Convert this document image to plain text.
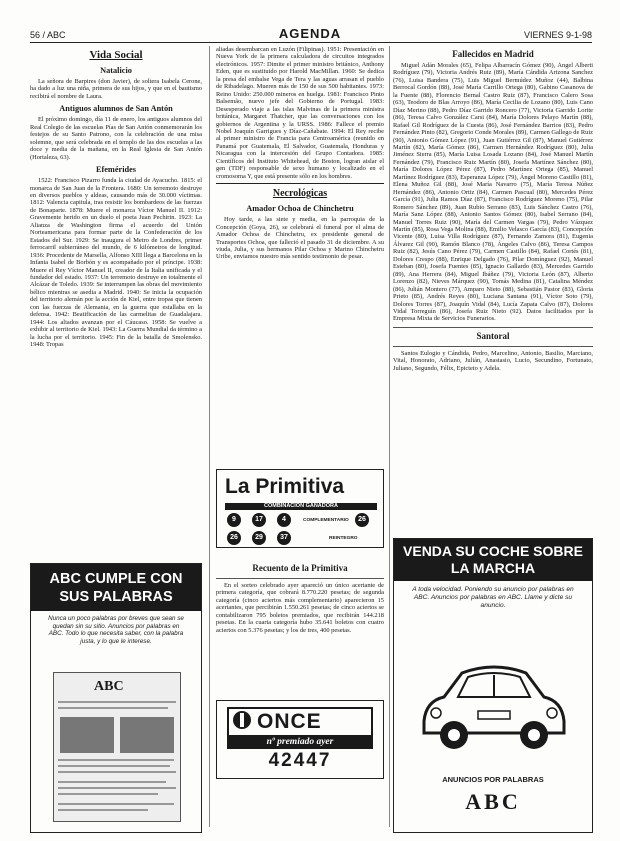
56 / ABC	AGENDA	VIERNES 9-1-98
Vida Social
Natalicio

La señora de Barpires (don Javier), de soltera Isabela Cerone, ha dado a luz una niña, primera de sus hijos, y que en el bautismo recibirá el nombre de Laura.

Antiguos alumnos de San Antón

El próximo domingo, día 11 de enero, los antiguos alumnos del Real Colegio de las escuelas Pías de San Antón conmemorarán los festejos de su Santo Patrono, con la celebración de una misa solemne, que será celebrada en el templo de las dos escuelas a las doce y media de la mañana, en la Real Iglesia de San Antón (Hortaleza, 63).

Efemérides

1522: Francisco Pizarro funda la ciudad de Ayacucho. 1815: el monarca de San Juan de la Frontera. 1680: Un terremoto destruye en diversos pueblos y aldeas, causando más de 30.000 víctimas. 1812: Valencia capitula, tras resistir los bombardeos de las fuerzas de Bonaparte. 1878: Muere el monarca Víctor Manuel II. 1912: Gravemente herido en un duelo el poeta Juan Pechirin. 1923: La Alianza de Washington firma el acuerdo del Unión Norteamericana para formar parte de la Confederación de los Estados del Sur. 1929: Se inaugura el Metro de Londres, primer ferrocarril subterráneo del mundo, de 6 kilómetros de longitud. 1936: Procedente de Marsella, Alfonso XIII llega a Barcelona en la Infanta Isabel de Borbón y es acompañado por el príncipe. 1938: Muere el Rey Víctor Manuel II, creador de la Italia unificada y el fundador del estado. 1937: Un terremoto destruye en totalmente el Alcázar de Toledo. 1939: Se interrumpen las obras del movimiento bélico mientras se asedia a Madrid. 1940: Se inicia la ocupación del territorio alemán por la acción de Kiel, entre tropas que tienen con las fuerzas de Alemania, en la guerra que estallaba en la defensa. 1942: Beatificación de las carmelitas de Guadalajara. 1944: Los aliados avanzan por el Cáucaso. 1958: Se vuelve a exhibir al territorio de Kiel. 1943: La Guerra Mundial da término a la lucha por el territorio. 1945: Fin de la batalla de Smolensko. 1948: Tropas

ABC CUMPLE CON SUS PALABRAS
Nunca un poco palabras por breves que sean se quedan sin su sitio. Anuncios por palabras en ABC. Todo lo que necesita saber, con la palabra justa, y lo que le interese.
ABC

aliadas desembarcan en Luzón (Filipinas). 1951: Presentación en Nueva York de la primera calculadora de circuitos integrados electrónicos. 1957: Dimite el primer ministro británico, Anthony Eden, que es sustituido por Harold MacMillan. 1960: Se dedica la presa del embalse Vega de Tera y las aguas arrasan el pueblo de Ribadelago. Mueren más de 150 de sus 500 habitantes. 1973: Reino Unido: 250.000 mineros en huelga. 1981: Francisco Pinto Balsemão, nuevo jefe del Gobierno de Portugal. 1983: Desesperado viaje a las islas Malvinas de la primera ministra británica, Margaret Thatcher, que las conversaciones con los gobiernos de Argentina y la URSS. 1986: Fallece el premio Nobel Joaquín Garrigues y Díaz-Cañabate. 1994: El Rey recibe al primer ministro de Francia para Centroamérica (reunido en Panamá por Guatemala, El Salvador, Guatemala, Honduras y Nicaragua con la intercesión del Grupo Contadora. 1985: Científicos del Instituto Whitehead, de Boston, logran aislar el gen (TDF) responsable de sexo humano y localizado en el cromosoma Y, que está presente sólo en los hombres.

Necrológicas
Amador Ochoa de Chinchetru

Hoy tarde, a las siete y media, en la parroquia de la Concepción (Goya, 26), se celebrará el funeral por el alma de Amador Ochoa de Chinchetru, ex presidente general de Transportes Ochoa, que falleció el pasado 31 de diciembre. A su viuda, Julia, y sus hermanos Pilar Ochoa y Marino Chinchetru Uribe, enviamos nuestro más sentido testimonio de pesar.

La Primitiva
COMBINACION GANADORA
9	17	4	COMPLEMENTARIO	26
26	29	37	REINTEGRO
Recuento de la Primitiva

En el sorteo celebrado ayer apareció un único acertante de primera categoría, que cobrará 8.770.220 pesetas; de segunda categoría (cinco aciertos más complementario) aparecieron 15 acertantes, que percibirán 1.550.261 pesetas; de cinco aciertos se contabilizaron 795 boletos premiados, que recibirán 144.218 pesetas. En la cuarta categoría hubo 35.641 boletos con cuatro aciertos con 5.376 pesetas; y los de tres, 400 pesetas.

ONCE
nº premiado ayer
42447
Fallecidos en Madrid

Miguel Adán Morales (65), Felipa Albarracín Gómez (90), Ángel Alberti Rodríguez (79), Victoria Andrés Ruiz (89), María Cándida Arizona Sanchez (76), Luisa Bandera (75), Luis Miguel Bermúdez Muñoz (44), Balbina Berrocal Gordón (88), José María Carrillo Ortega (80), Gabino Casanova de la Fuente (88), Florencio Bernal Castro Ruiz (87), Francisco Calero Sosa (63), Teodoro de Blas Arroyo (86), María Cecilia de Lozano (80), Luis Cano Díaz Merino (88), Pedro Díaz Garrido Roncero (77), Victoria Garrido Lorite (86), Teresa Calvo González Carsi (84), María Dolores Pelayo Martín (88), Rafael Gil Rodríguez de la Cuesta (86), José Fernández Barrios (83), Pedro Fernández Pinto (82), Gregorio Conde Morales (89), Carmen Gallego de Ruiz (90), Antonio Gómez López (91), Juan Gutiérrez Gil (87), Manuel Gutiérrez Martín (82), María Gómez (86), Carmen Hernández Rodríguez (80), Julia Jiménez Sierra (85), María Luisa Losada Lozano (84), José Manuel Martín Fernández (79), Francisco Ruiz Martín (80), Josefa Martínez Sánchez (80), María Dolores López Pérez (87), Pedro Martínez Ortega (85), Manuel Martínez Rodríguez (83), Esperanza López (79), Ángel Moreno Castillo (81), Elena Muñoz Gil (88), José María Navarro (75), María Teresa Núñez Hernández (86), Antonio Ortiz (84), Carmen Pascual (80), Mercedes Pérez García (91), Julia Ramos Díaz (87), Francisco Rodríguez Moreno (75), Pilar Romero Sánchez (89), Juan Rubio Serrano (83), Luis Sánchez Castro (76), María Sanz López (88), Antonio Santos Gómez (80), Isabel Serrano (84), Manuel Torres Ruiz (90), María del Carmen Vargas (79), Pedro Vázquez Martín (85), Rosa Vega Molina (88), Emilio Velasco García (83), Concepción Vicente (80), Luisa Villa Rodríguez (87), Fernando Zamora (81), Eugenia Álvarez Gil (90), Ramón Blanco (78), Ángeles Calvo (86), Teresa Campos Ruiz (82), Jesús Cano Pérez (79), Carmen Castillo (84), Rafael Cortés (81), Dolores Crespo (88), Enrique Delgado (76), Pilar Domínguez (92), Manuel Esteban (80), Josefa Fuentes (85), Ignacio Gallardo (83), Mercedes Garrido (89), Ana Herrera (84), Miguel Ibáñez (79), Victoria León (87), Alberto Lorenzo (82), Nieves Márquez (90), Tomás Medina (81), Catalina Méndez (86), Julián Montero (77), Amparo Nieto (88), Sebastián Pastor (83), Gloria Prieto (85), Andrés Reyes (80), Luciana Santana (91), Víctor Soto (79), Dolores Torres (87), Joaquín Vidal (84), Lucía Zapata Calvo (87), Dolores Vidal Torreguín (86), Josefa Ruiz Nieto (92). Datos facilitados por la Empresa Mixta de Servicios Funerarios.

Santoral

Santos Eulogio y Cándida, Pedro, Marcelino, Antonio, Basilio, Marciano, Vital, Honorato, Adriano, Julián, Anastasio, Lucio, Secundino, Fortunato, Juliano, Segundo, Félix, Epicteto y Adela.

VENDA SU COCHE SOBRE LA MARCHA
A toda velocidad. Poniendo su anuncio por palabras en ABC. Anuncios por palabras en ABC. Llame y dicte su anuncio.
ANUNCIOS POR PALABRAS
ABC
